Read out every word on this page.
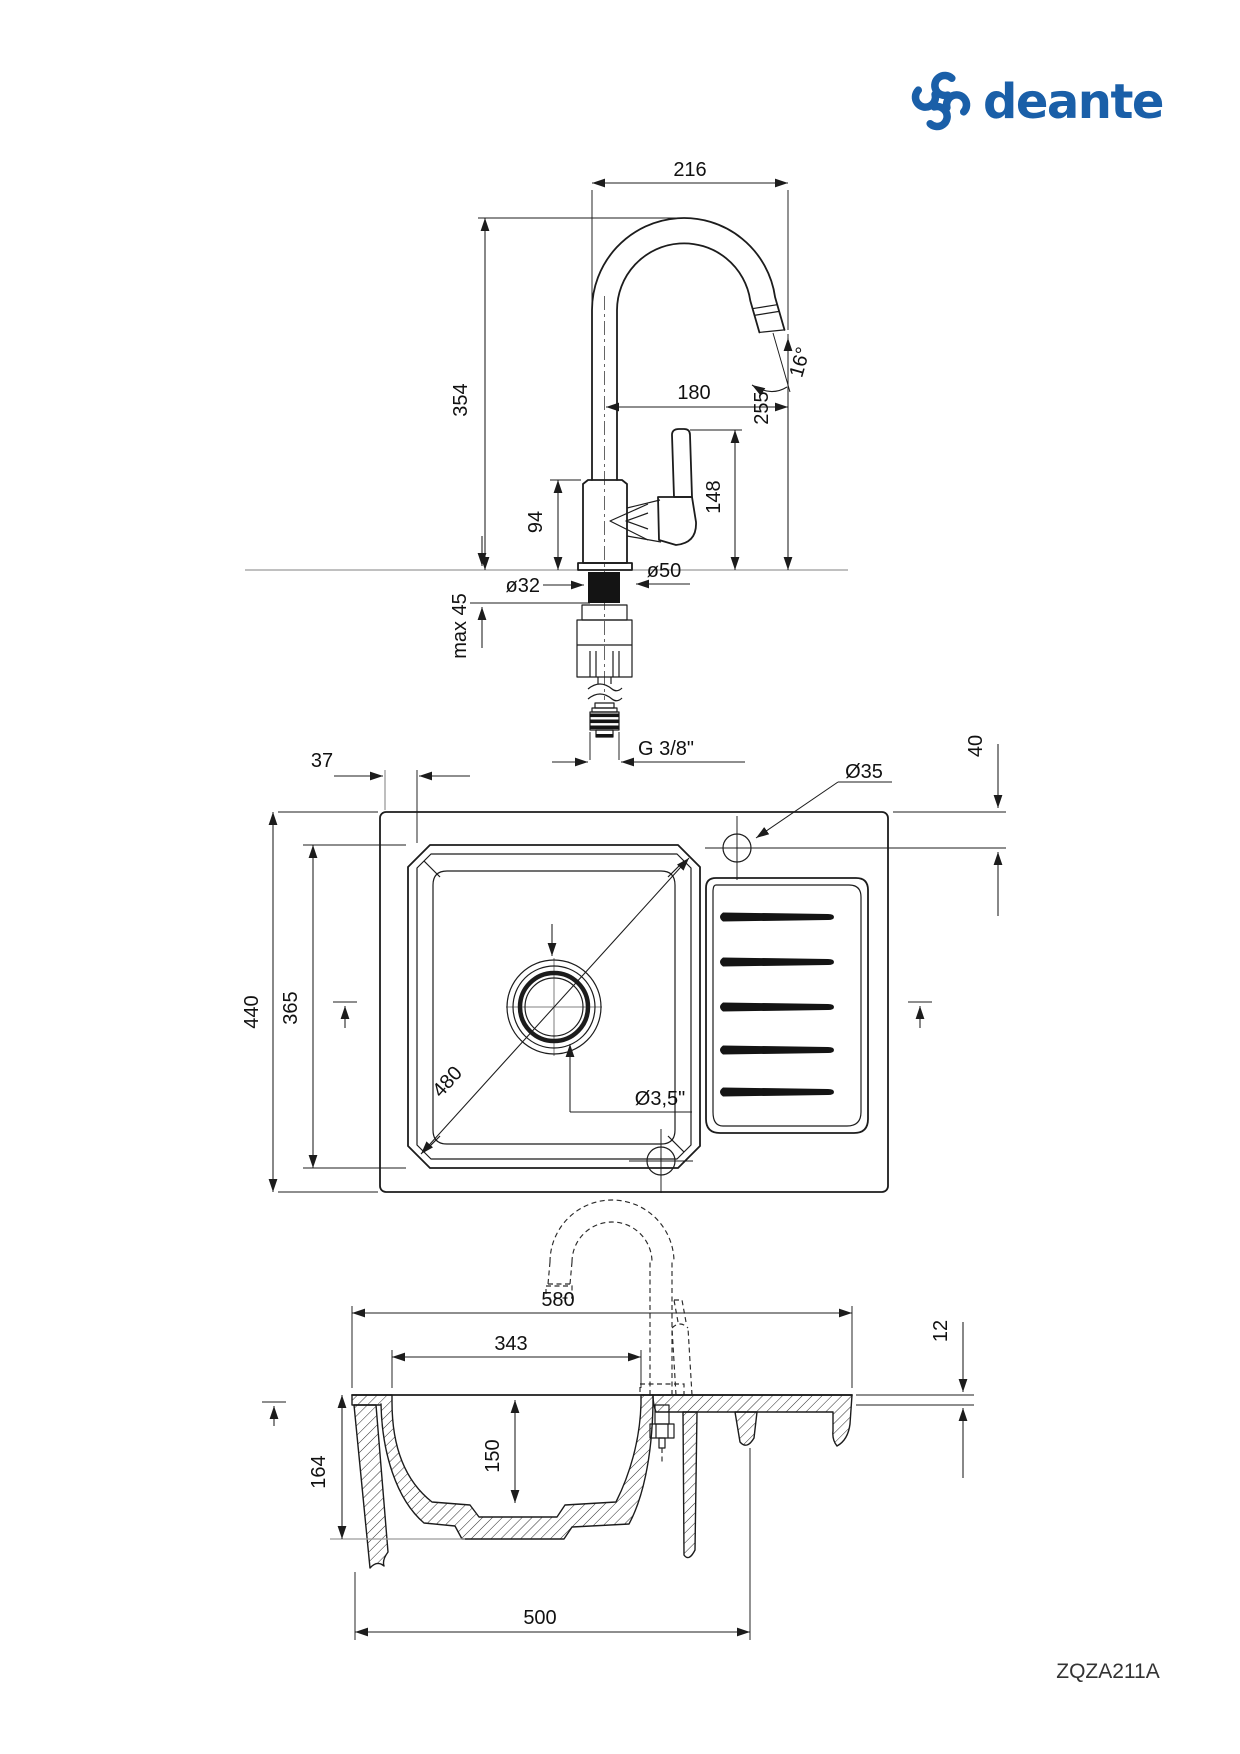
deante
216
354	180
16°
255
148
94
ø32
ø50
max 45
G 3/8"
37
440 365
480
Ø35
Ø3,5"
40
580
343
164	150
500
12
ZQZA211A
